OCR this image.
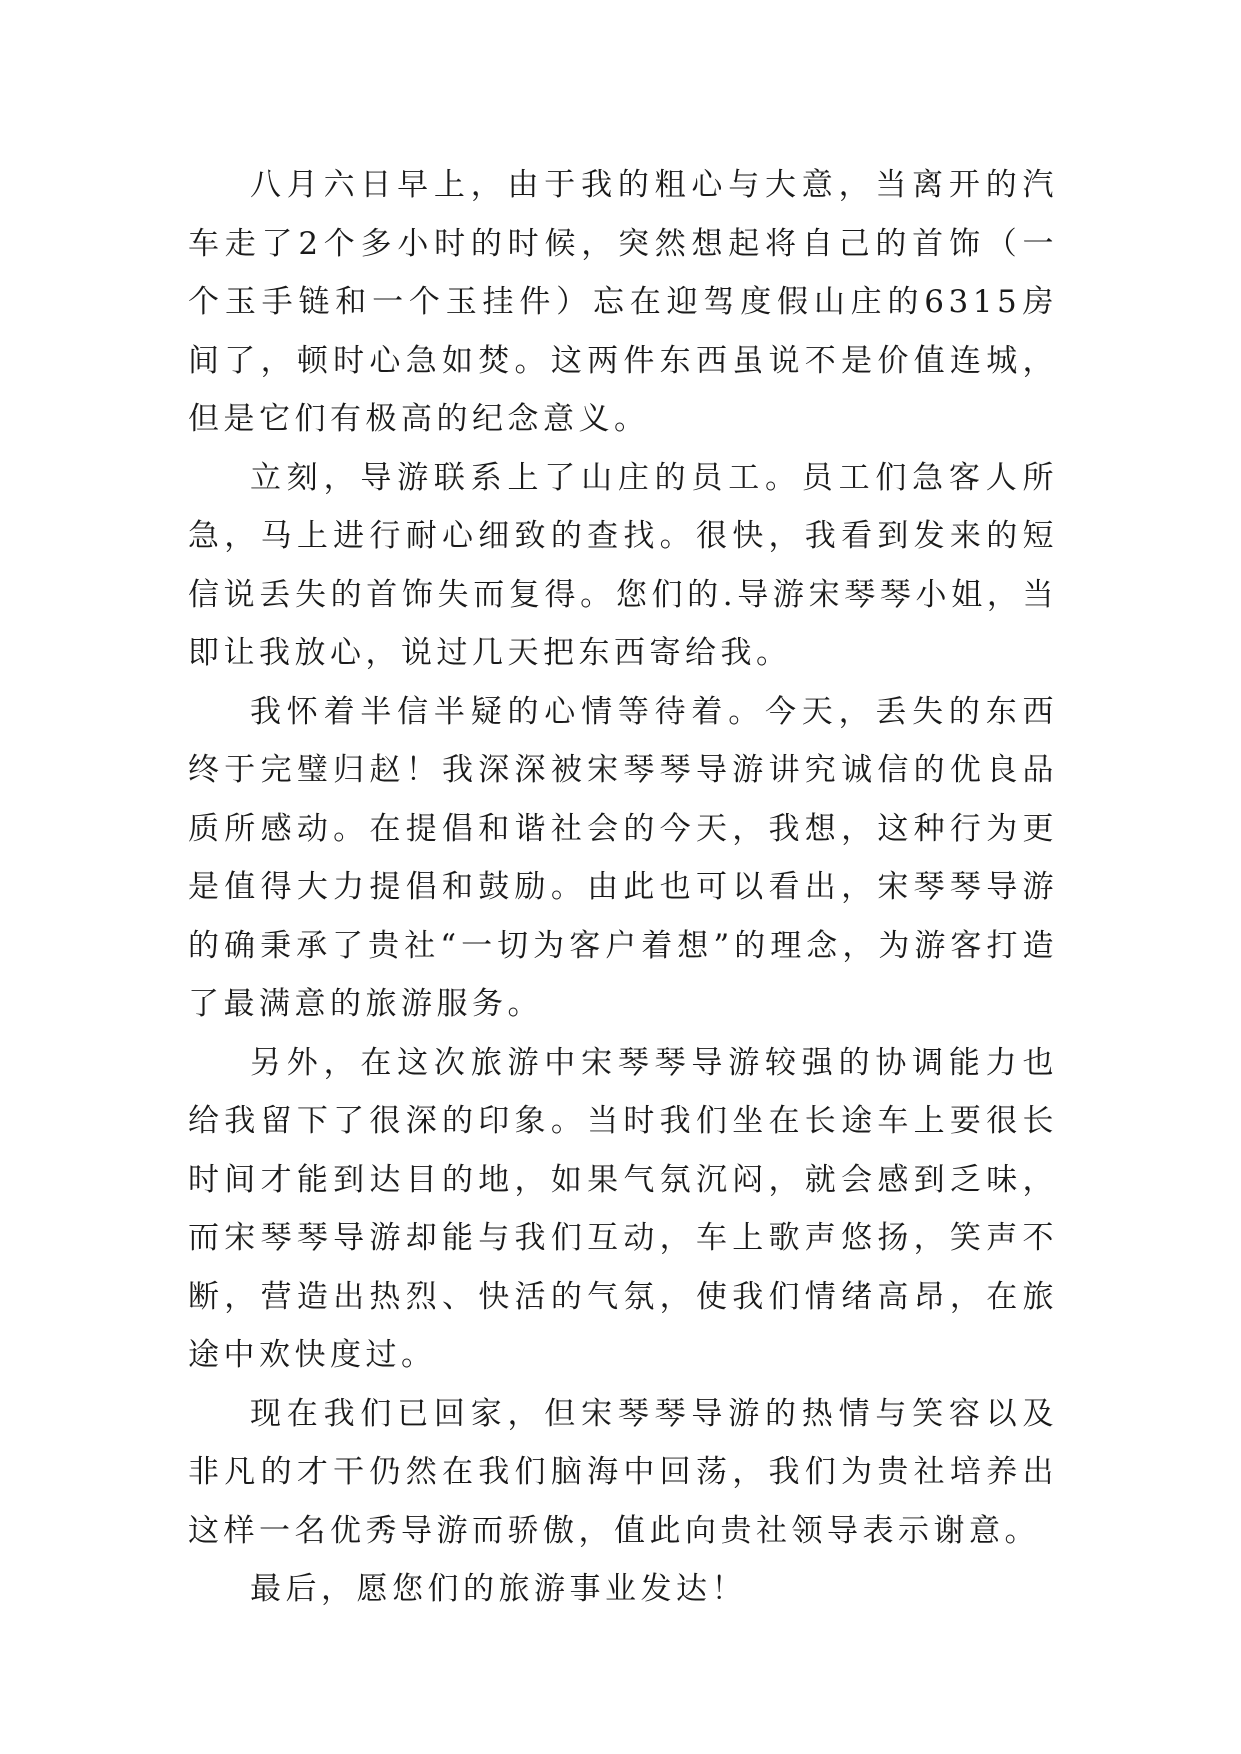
八月六日早上，由于我的粗心与大意，当离开的汽车走了2个多小时的时候，突然想起将自己的首饰（一个玉手链和一个玉挂件）忘在迎驾度假山庄的6315房间了，顿时心急如焚。这两件东西虽说不是价值连城，但是它们有极高的纪念意义。

立刻，导游联系上了山庄的员工。员工们急客人所急，马上进行耐心细致的查找。很快，我看到发来的短信说丢失的首饰失而复得。您们的.导游宋琴琴小姐，当即让我放心，说过几天把东西寄给我。

我怀着半信半疑的心情等待着。今天，丢失的东西终于完璧归赵！我深深被宋琴琴导游讲究诚信的优良品质所感动。在提倡和谐社会的今天，我想，这种行为更是值得大力提倡和鼓励。由此也可以看出，宋琴琴导游的确秉承了贵社“一切为客户着想”的理念，为游客打造了最满意的旅游服务。

另外，在这次旅游中宋琴琴导游较强的协调能力也给我留下了很深的印象。当时我们坐在长途车上要很长时间才能到达目的地，如果气氛沉闷，就会感到乏味，而宋琴琴导游却能与我们互动，车上歌声悠扬，笑声不断，营造出热烈、快活的气氛，使我们情绪高昂，在旅途中欢快度过。

现在我们已回家，但宋琴琴导游的热情与笑容以及非凡的才干仍然在我们脑海中回荡，我们为贵社培养出这样一名优秀导游而骄傲，值此向贵社领导表示谢意。

最后，愿您们的旅游事业发达！
